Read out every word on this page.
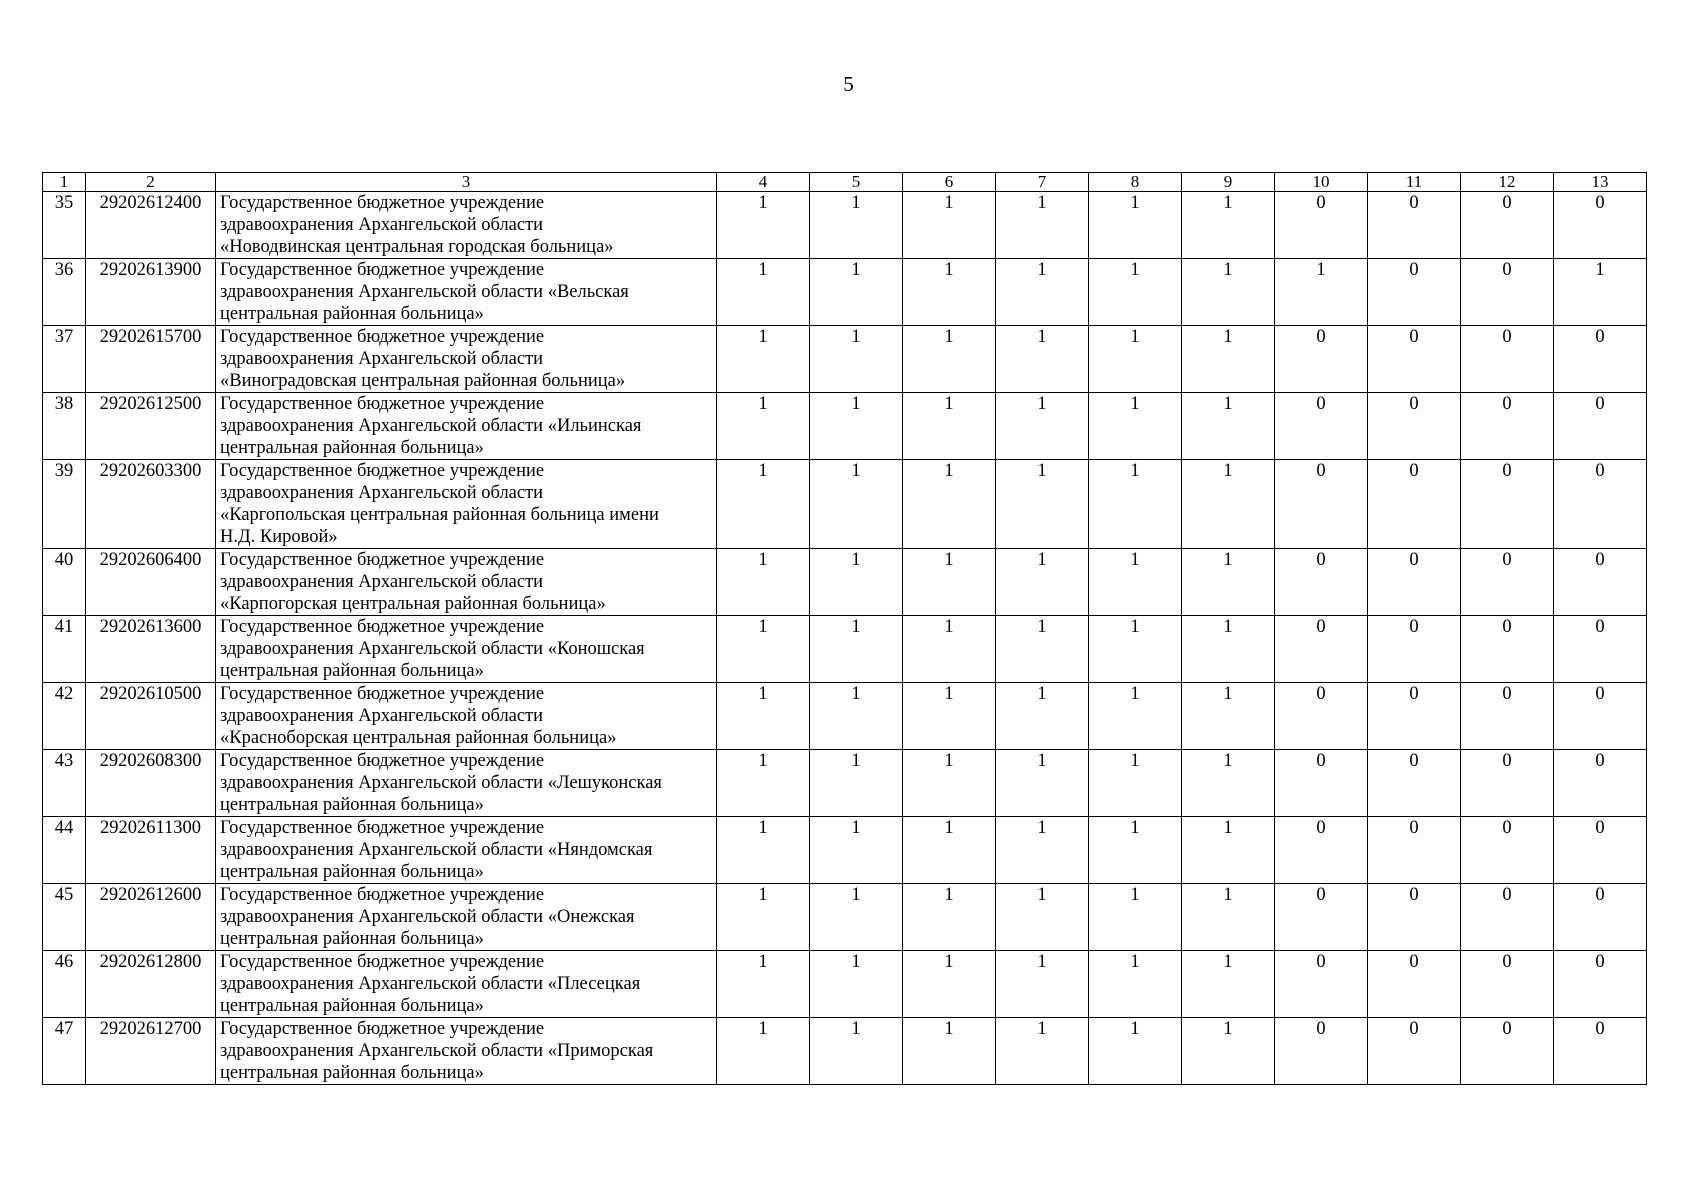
5
1	2	3	4	5	6	7	8	9	10	11	12	13
35	29202612400	Государственное бюджетное учреждение
здравоохранения Архангельской области
«Новодвинская центральная городская больница»	1	1	1	1	1	1	0	0	0	0
36	29202613900	Государственное бюджетное учреждение
здравоохранения Архангельской области «Вельская
центральная районная больница»	1	1	1	1	1	1	1	0	0	1
37	29202615700	Государственное бюджетное учреждение
здравоохранения Архангельской области
«Виноградовская центральная районная больница»	1	1	1	1	1	1	0	0	0	0
38	29202612500	Государственное бюджетное учреждение
здравоохранения Архангельской области «Ильинская
центральная районная больница»	1	1	1	1	1	1	0	0	0	0
39	29202603300	Государственное бюджетное учреждение
здравоохранения Архангельской области
«Каргопольская центральная районная больница имени
Н.Д. Кировой»	1	1	1	1	1	1	0	0	0	0
40	29202606400	Государственное бюджетное учреждение
здравоохранения Архангельской области
«Карпогорская центральная районная больница»	1	1	1	1	1	1	0	0	0	0
41	29202613600	Государственное бюджетное учреждение
здравоохранения Архангельской области «Коношская
центральная районная больница»	1	1	1	1	1	1	0	0	0	0
42	29202610500	Государственное бюджетное учреждение
здравоохранения Архангельской области
«Красноборская центральная районная больница»	1	1	1	1	1	1	0	0	0	0
43	29202608300	Государственное бюджетное учреждение
здравоохранения Архангельской области «Лешуконская
центральная районная больница»	1	1	1	1	1	1	0	0	0	0
44	29202611300	Государственное бюджетное учреждение
здравоохранения Архангельской области «Няндомская
центральная районная больница»	1	1	1	1	1	1	0	0	0	0
45	29202612600	Государственное бюджетное учреждение
здравоохранения Архангельской области «Онежская
центральная районная больница»	1	1	1	1	1	1	0	0	0	0
46	29202612800	Государственное бюджетное учреждение
здравоохранения Архангельской области «Плесецкая
центральная районная больница»	1	1	1	1	1	1	0	0	0	0
47	29202612700	Государственное бюджетное учреждение
здравоохранения Архангельской области «Приморская
центральная районная больница»	1	1	1	1	1	1	0	0	0	0
